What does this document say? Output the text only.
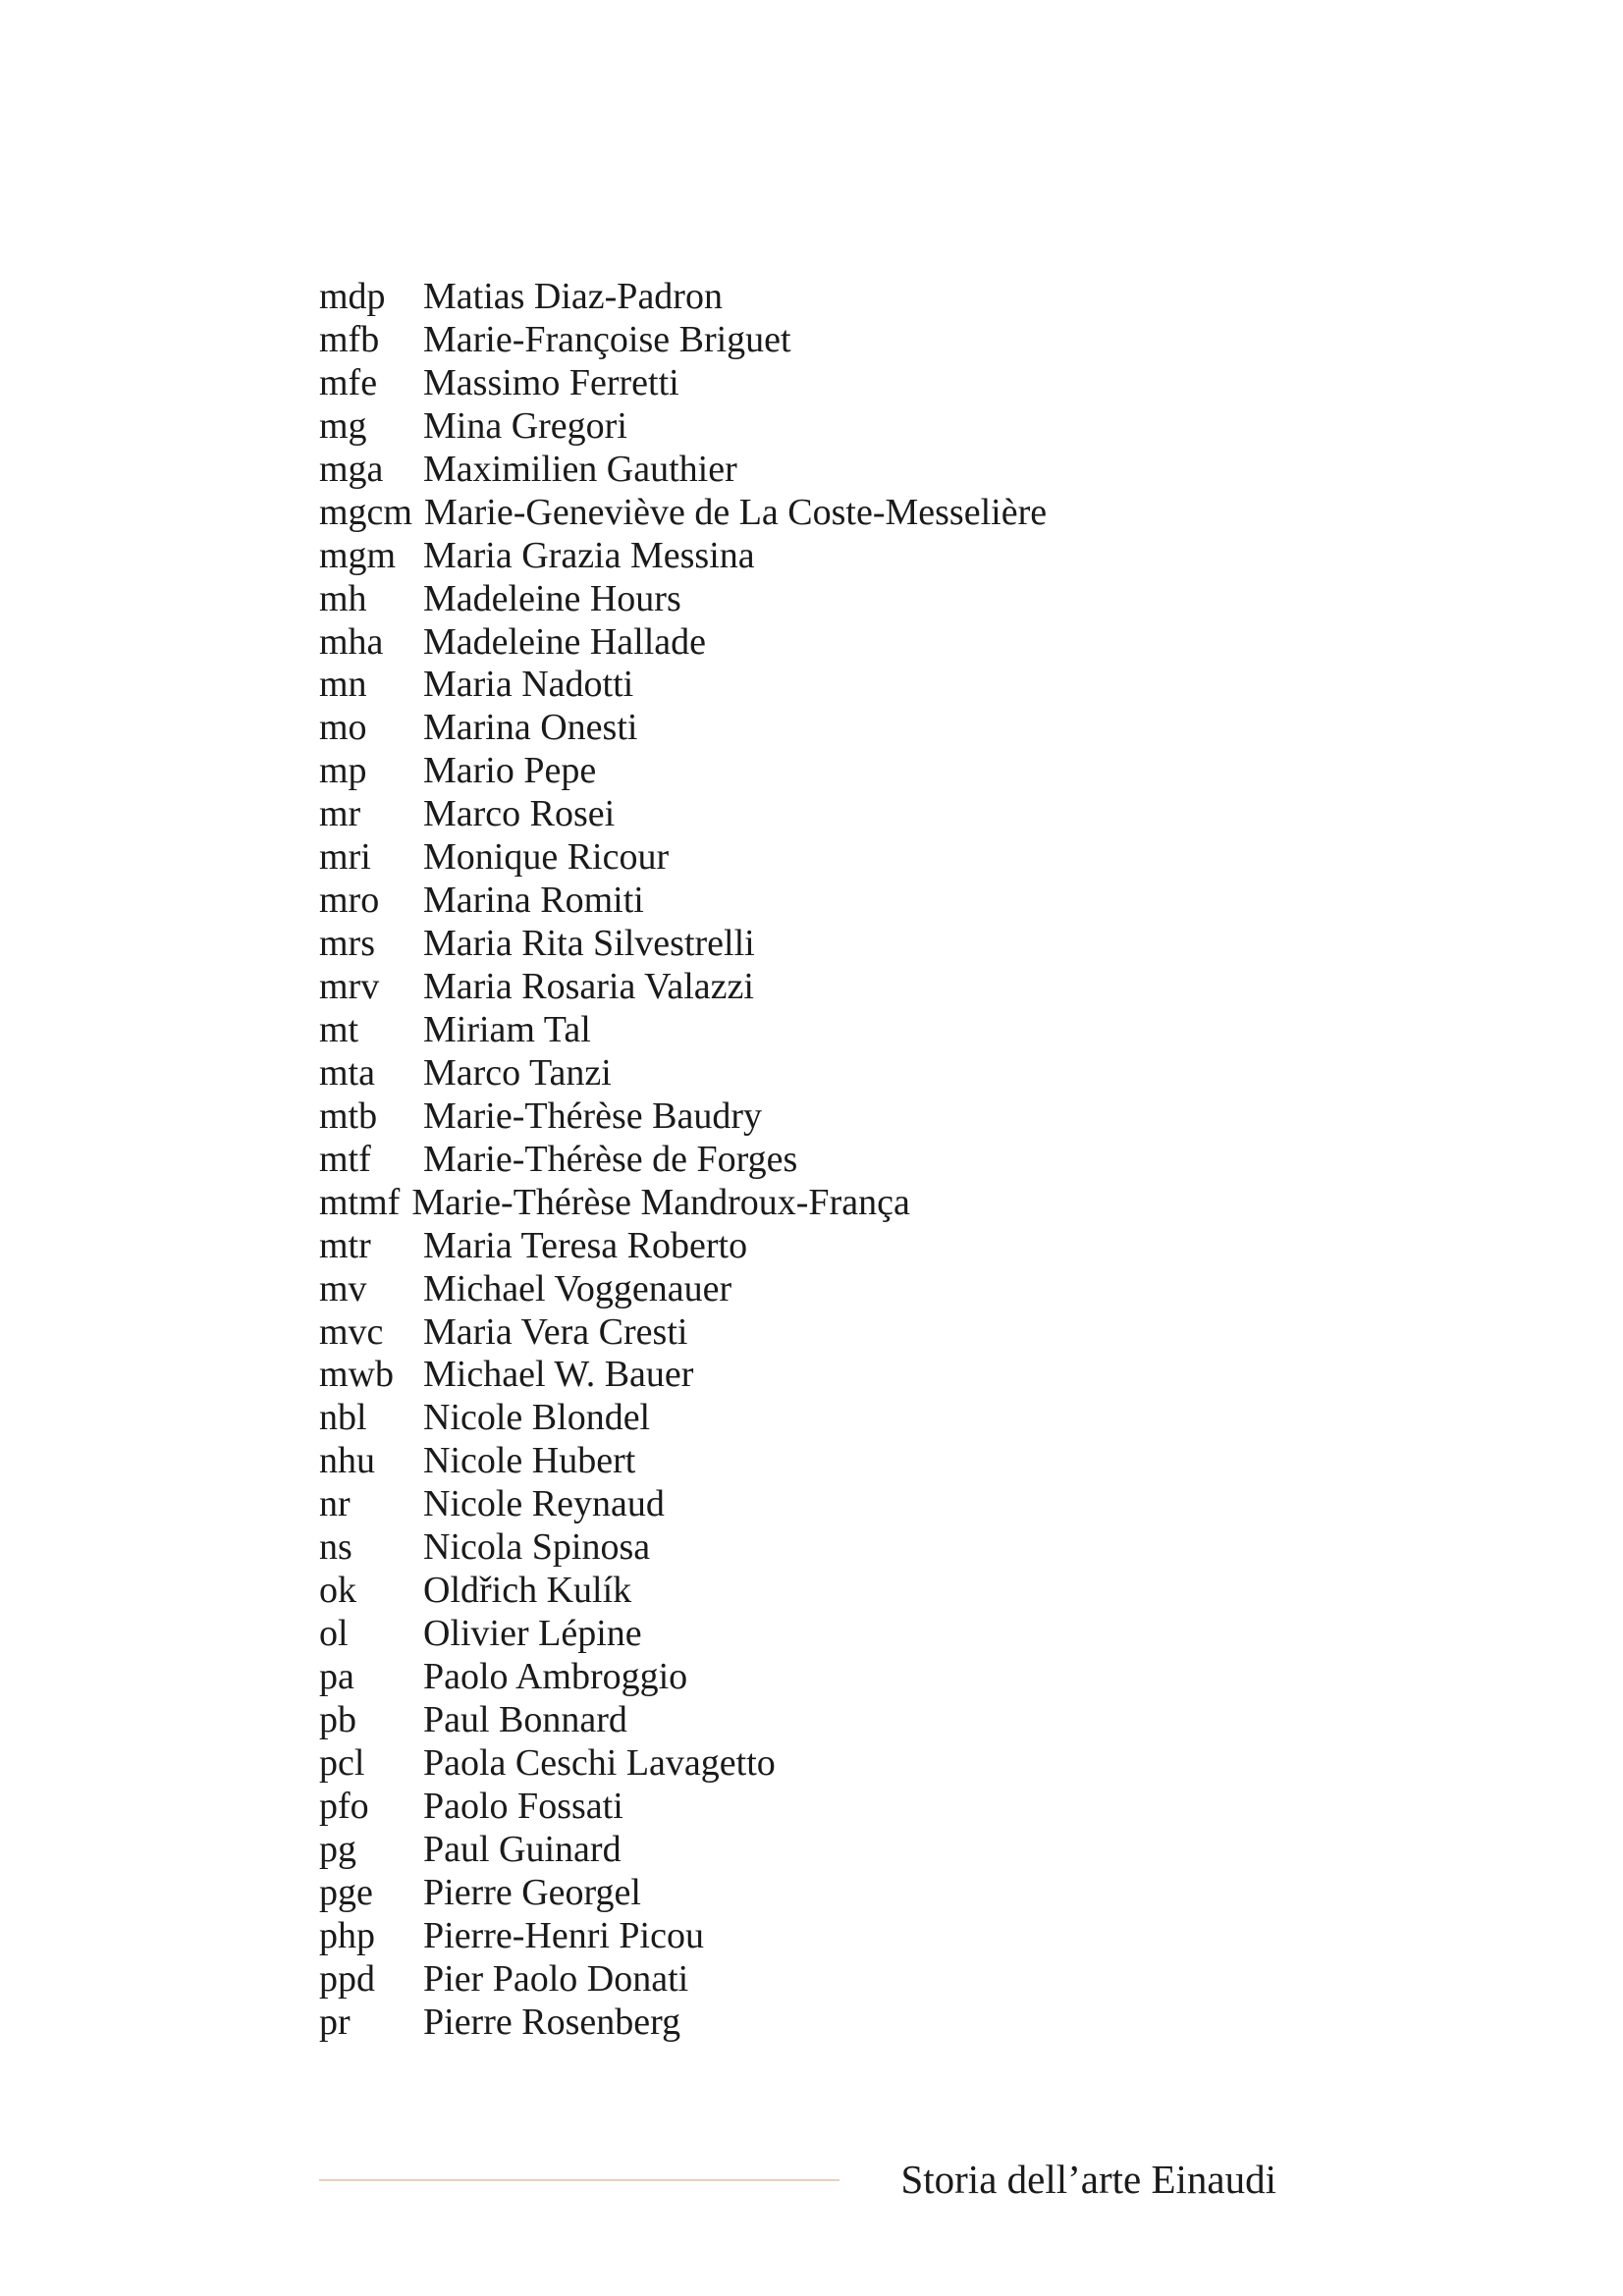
mdp Matias Diaz-Padron
mfb Marie-Françoise Briguet
mfe Massimo Ferretti
mg Mina Gregori
mga Maximilien Gauthier
mgcm Marie-Geneviève de La Coste-Messelière
mgm Maria Grazia Messina
mh Madeleine Hours
mha Madeleine Hallade
mn Maria Nadotti
mo Marina Onesti
mp Mario Pepe
mr Marco Rosei
mri Monique Ricour
mro Marina Romiti
mrs Maria Rita Silvestrelli
mrv Maria Rosaria Valazzi
mt Miriam Tal
mta Marco Tanzi
mtb Marie-Thérèse Baudry
mtf Marie-Thérèse de Forges
mtmf Marie-Thérèse Mandroux-França
mtr Maria Teresa Roberto
mv Michael Voggenauer
mvc Maria Vera Cresti
mwb Michael W. Bauer
nbl Nicole Blondel
nhu Nicole Hubert
nr Nicole Reynaud
ns Nicola Spinosa
ok Oldřich Kulík
ol Olivier Lépine
pa Paolo Ambroggio
pb Paul Bonnard
pcl Paola Ceschi Lavagetto
pfo Paolo Fossati
pg Paul Guinard
pge Pierre Georgel
php Pierre-Henri Picou
ppd Pier Paolo Donati
pr Pierre Rosenberg
Storia dell’arte Einaudi
